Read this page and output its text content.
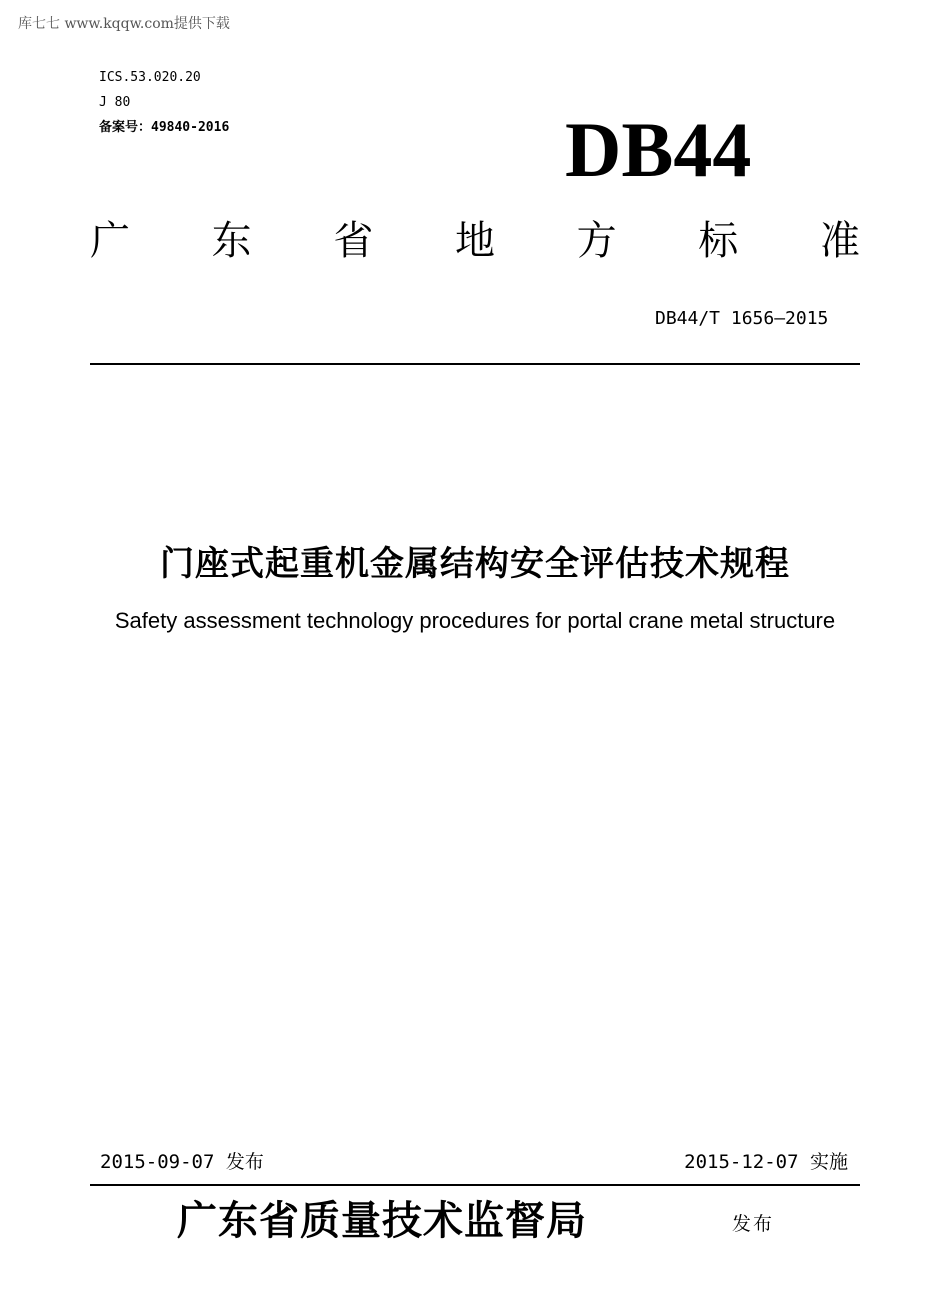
库七七 www.kqqw.com提供下载
ICS.53.020.20
J 80
备案号：49840-2016	DB44
广 东 省 地 方 标 准
DB44/T 1656—2015
门座式起重机金属结构安全评估技术规程
Safety assessment technology procedures for portal crane metal structure
2015-09-07 发布	2015-12-07 实施
广东省质量技术监督局	发布
